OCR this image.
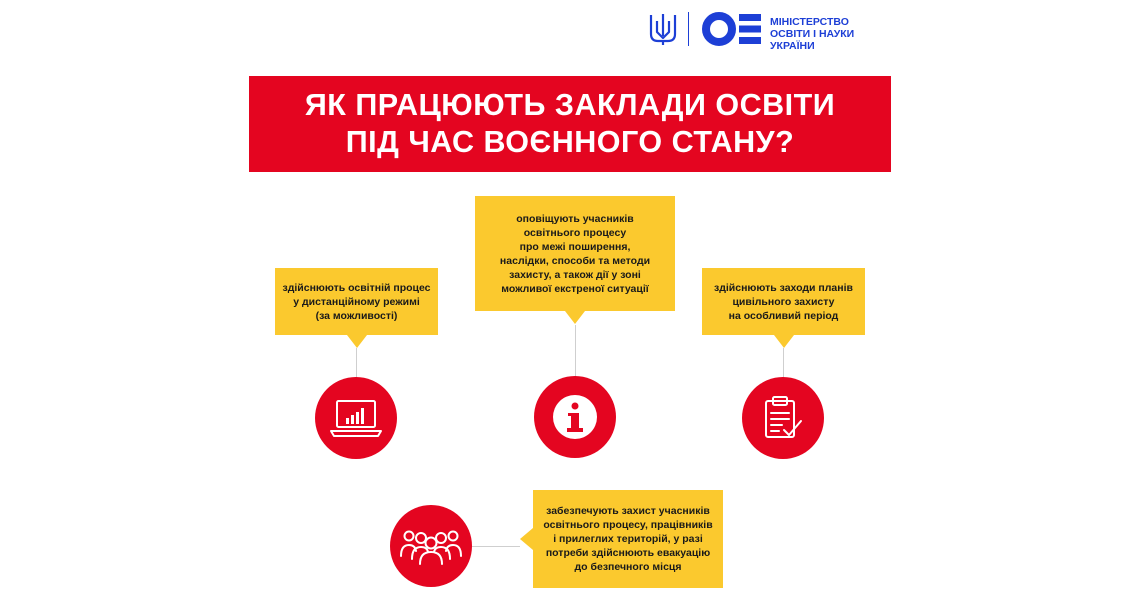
МІНІСТЕРСТВО
ОСВІТИ І НАУКИ
УКРАЇНИ
ЯК ПРАЦЮЮТЬ ЗАКЛАДИ ОСВІТИ
ПІД ЧАС ВОЄННОГО СТАНУ?
здійснюють освітній процес
у дистанційному режимі
(за можливості)
оповіщують учасників
освітнього процесу
про межі поширення,
наслідки, способи та методи
захисту, а також дії у зоні
можливої екстреної ситуації	здійснюють заходи планів
цивільного захисту
на особливий період
забезпечують захист учасників
освітнього процесу, працівників
і прилеглих територій, у разі
потреби здійснюють евакуацію
до безпечного місця
